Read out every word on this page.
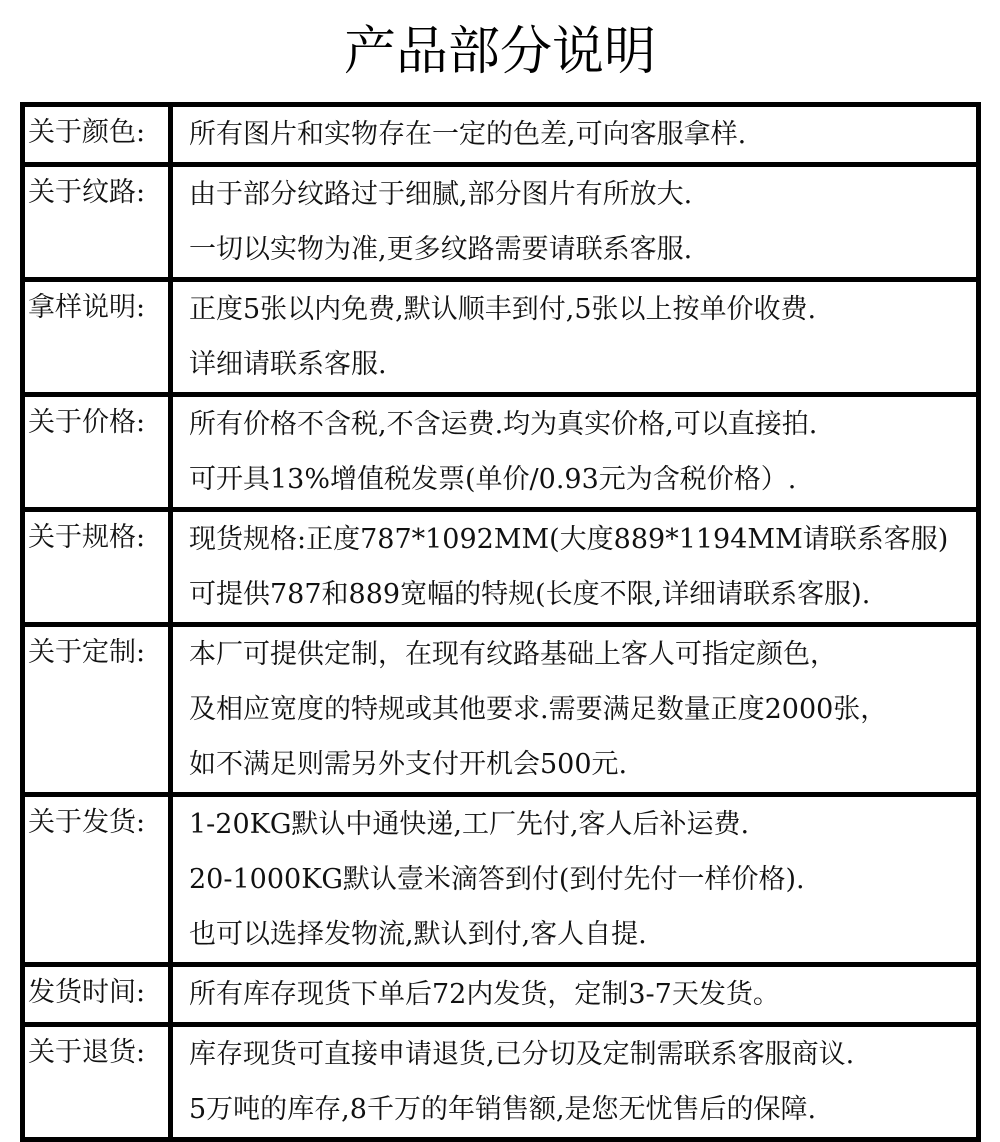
产品部分说明
关于颜色:	所有图片和实物存在一定的色差,可向客服拿样.

关于纹路:	由于部分纹路过于细腻,部分图片有所放大.
一切以实物为准,更多纹路需要请联系客服.

拿样说明:	正度5张以内免费,默认顺丰到付,5张以上按单价收费.
详细请联系客服.

关于价格:	所有价格不含税,不含运费.均为真实价格,可以直接拍.
可开具13%增值税发票(单价/0.93元为含税价格）.

关于规格:	现货规格:正度787*1092MM(大度889*1194MM请联系客服)
可提供787和889宽幅的特规(长度不限,详细请联系客服).

关于定制:	本厂可提供定制，在现有纹路基础上客人可指定颜色，
及相应宽度的特规或其他要求.需要满足数量正度2000张，
如不满足则需另外支付开机会500元.

关于发货:	1-20KG默认中通快递,工厂先付,客人后补运费.
20-1000KG默认壹米滴答到付(到付先付一样价格).
也可以选择发物流,默认到付,客人自提.

发货时间:	所有库存现货下单后72内发货，定制3-7天发货。

关于退货:	库存现货可直接申请退货,已分切及定制需联系客服商议.
5万吨的库存,8千万的年销售额,是您无忧售后的保障.
